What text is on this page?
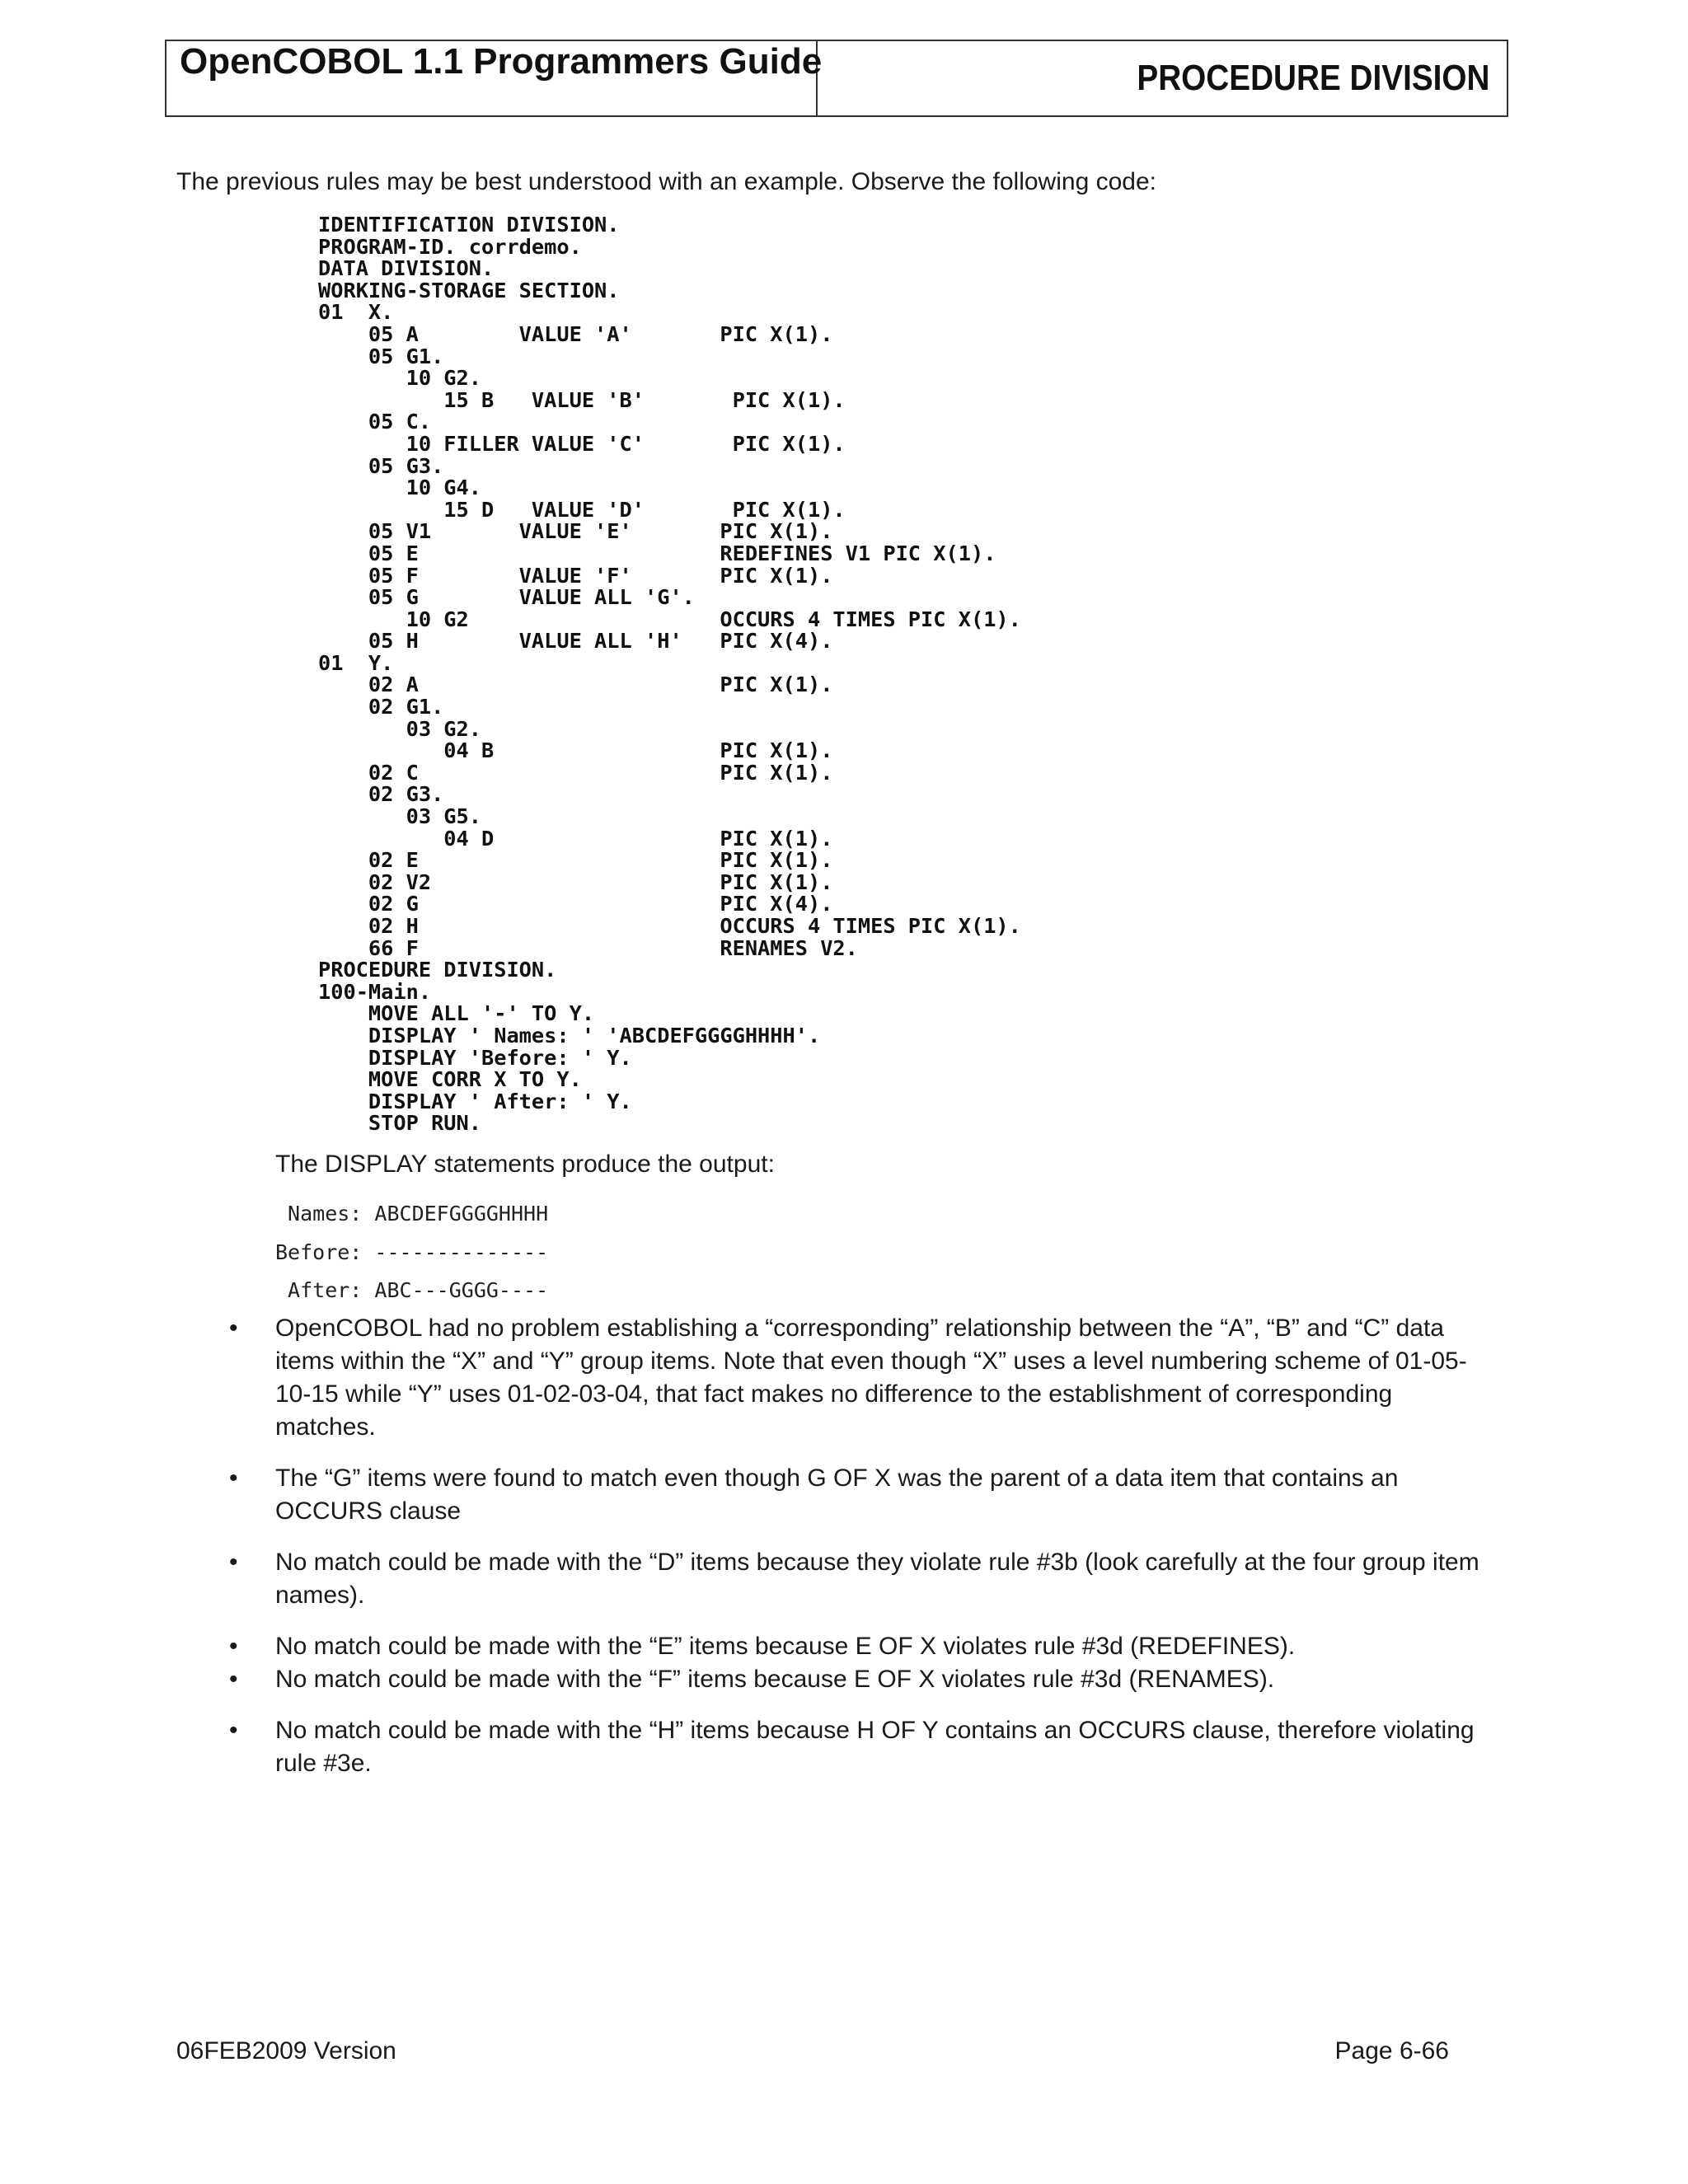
OpenCOBOL 1.1 Programmers Guide	PROCEDURE DIVISION
The previous rules may be best understood with an example. Observe the following code:
IDENTIFICATION DIVISION.
PROGRAM-ID. corrdemo.
DATA DIVISION.
WORKING-STORAGE SECTION.
01  X.
05 A        VALUE 'A'       PIC X(1).
05 G1.
10 G2.
15 B   VALUE 'B'       PIC X(1).
05 C.
10 FILLER VALUE 'C'       PIC X(1).
05 G3.
10 G4.
15 D   VALUE 'D'       PIC X(1).
05 V1       VALUE 'E'       PIC X(1).
05 E                        REDEFINES V1 PIC X(1).
05 F        VALUE 'F'       PIC X(1).
05 G        VALUE ALL 'G'.
10 G2                    OCCURS 4 TIMES PIC X(1).
05 H        VALUE ALL 'H'   PIC X(4).
01  Y.
02 A                        PIC X(1).
02 G1.
03 G2.
04 B                  PIC X(1).
02 C                        PIC X(1).
02 G3.
03 G5.
04 D                  PIC X(1).
02 E                        PIC X(1).
02 V2                       PIC X(1).
02 G                        PIC X(4).
02 H                        OCCURS 4 TIMES PIC X(1).
66 F                        RENAMES V2.
PROCEDURE DIVISION.
100-Main.
MOVE ALL '-' TO Y.
DISPLAY ' Names: ' 'ABCDEFGGGGHHHH'.
DISPLAY 'Before: ' Y.
MOVE CORR X TO Y.
DISPLAY ' After: ' Y.
STOP RUN.
The DISPLAY statements produce the output:
Names: ABCDEFGGGGHHHH
Before: --------------
After: ABC---GGGG----
• OpenCOBOL had no problem establishing a “corresponding” relationship between the “A”, “B” and “C” data items within the “X” and “Y” group items. Note that even though “X” uses a level numbering scheme of 01-05-10-15 while “Y” uses 01-02-03-04, that fact makes no difference to the establishment of corresponding matches.
• The “G” items were found to match even though G OF X was the parent of a data item that contains an OCCURS clause
• No match could be made with the “D” items because they violate rule #3b (look carefully at the four group item names).
• No match could be made with the “E” items because E OF X violates rule #3d (REDEFINES).
• No match could be made with the “F” items because E OF X violates rule #3d (RENAMES).
• No match could be made with the “H” items because H OF Y contains an OCCURS clause, therefore violating rule #3e.
06FEB2009 Version	Page 6-66
